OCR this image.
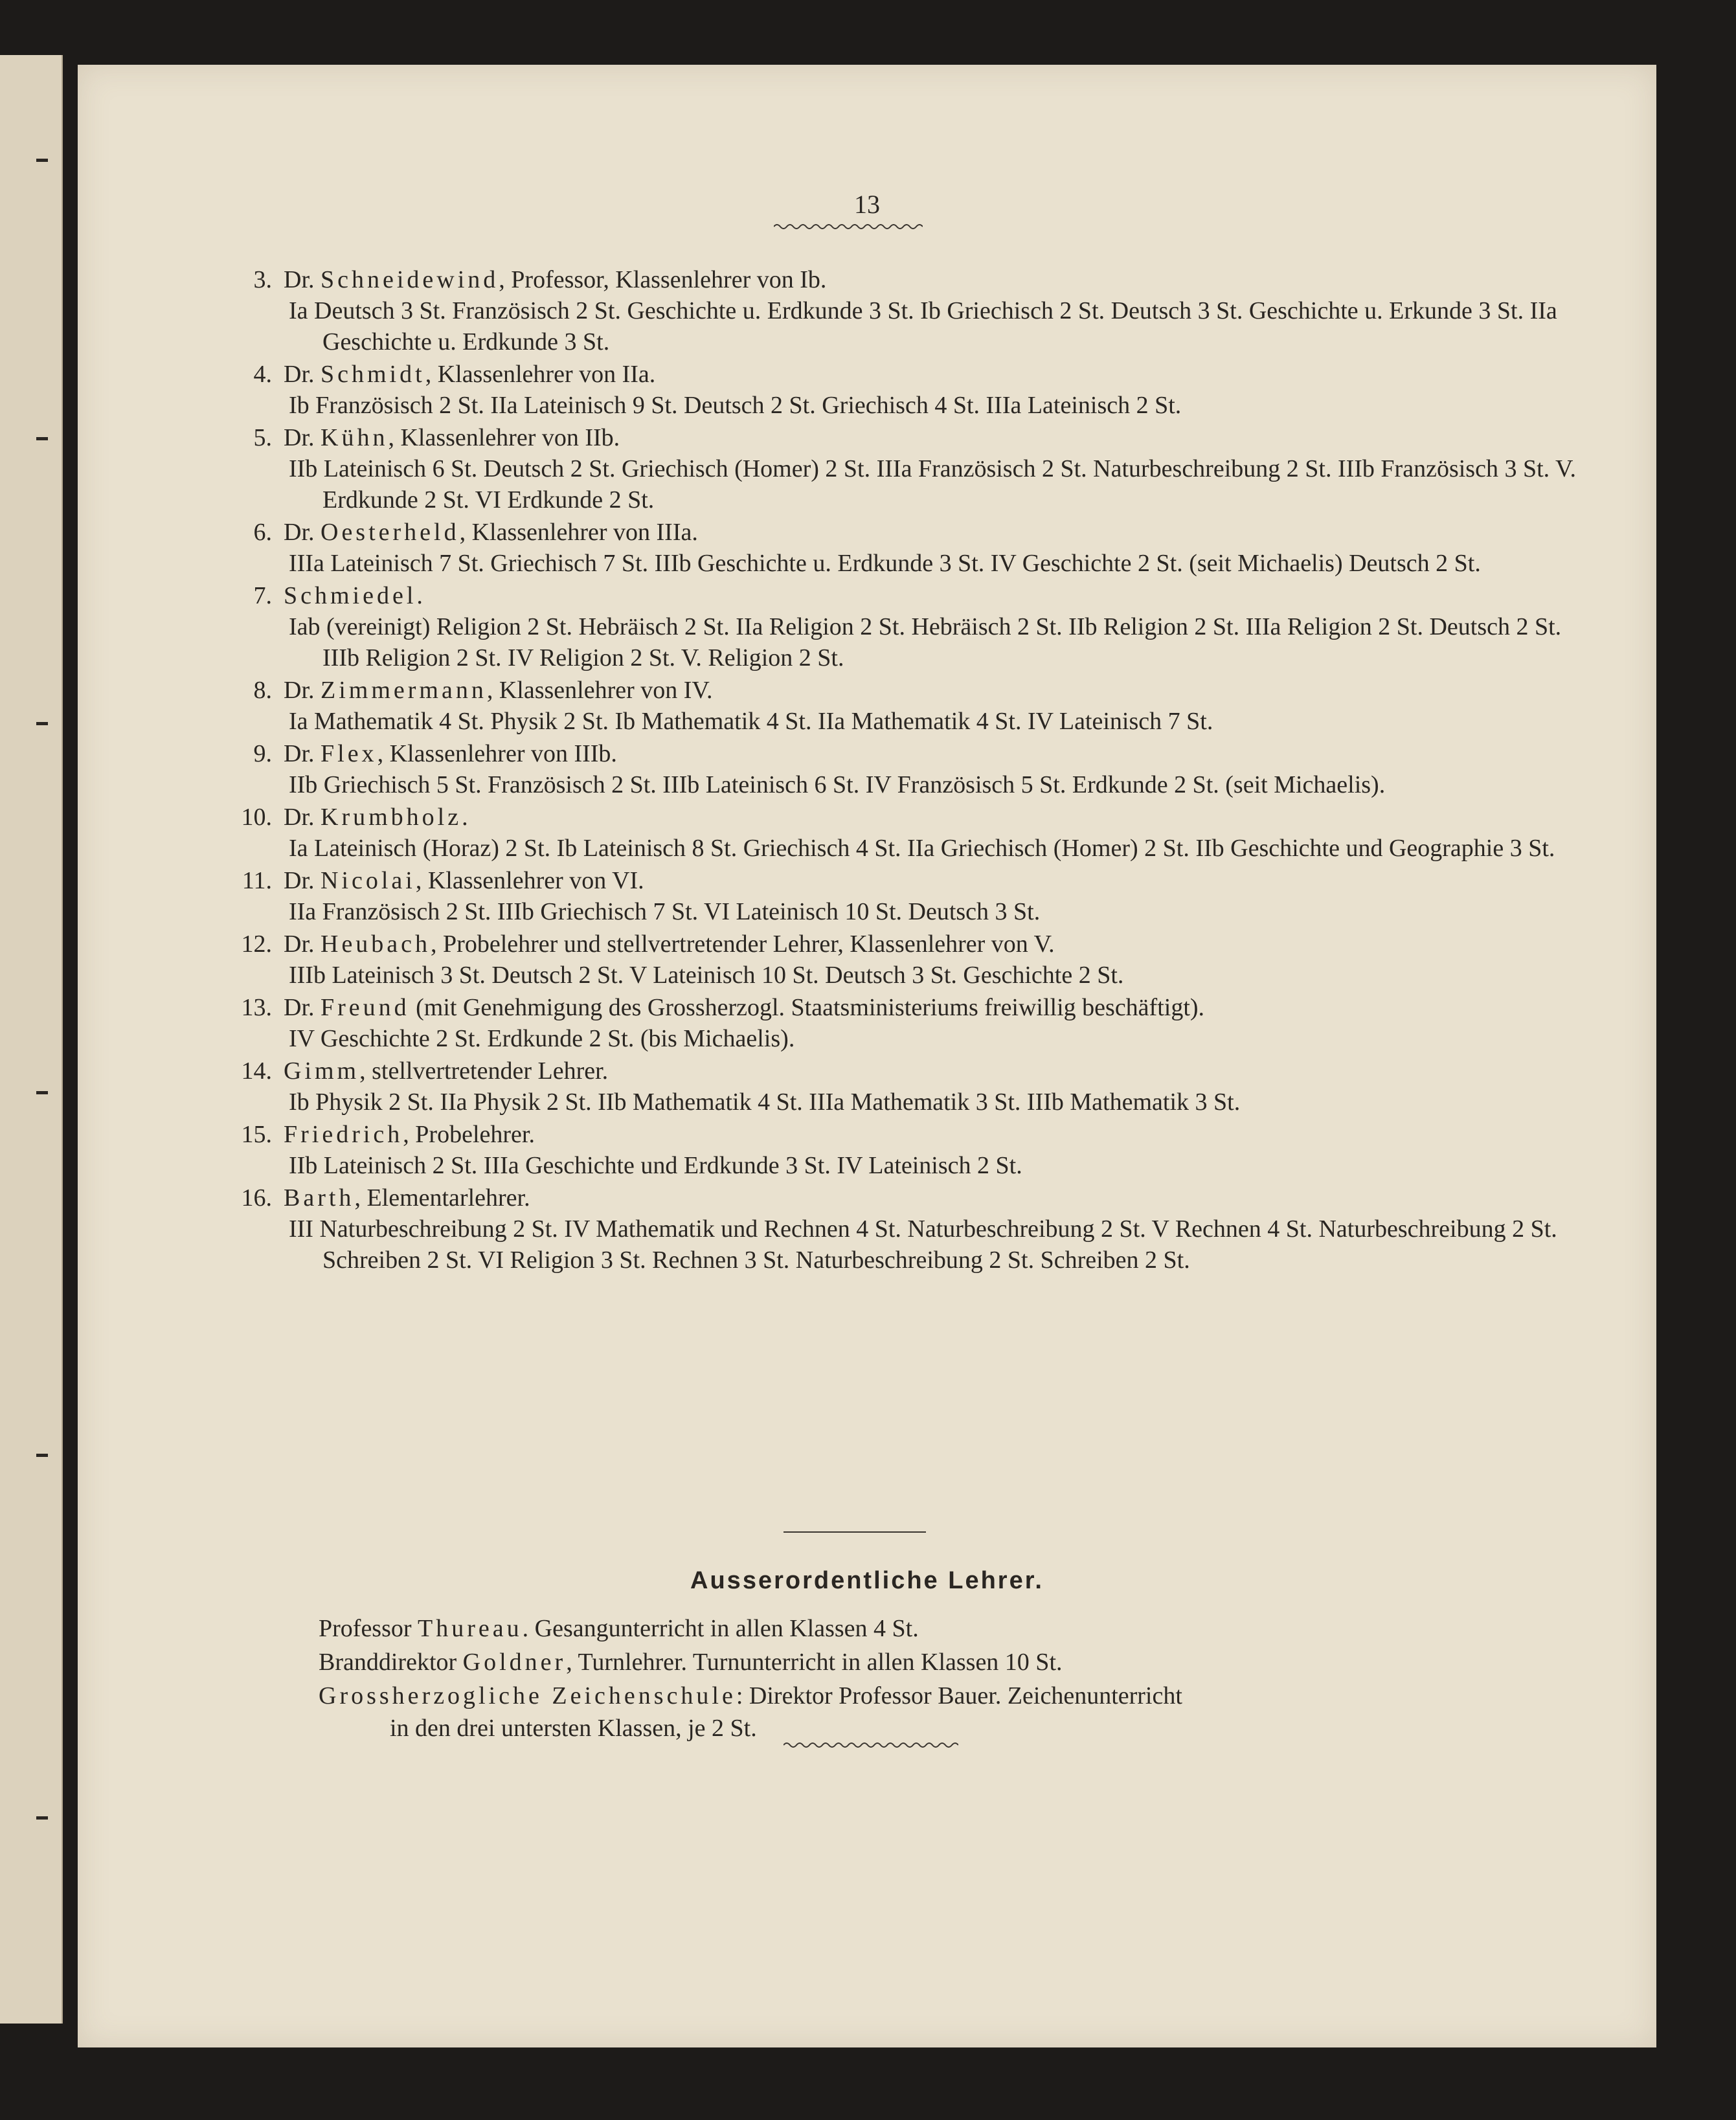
13
3. Dr. Schneidewind, Professor, Klassenlehrer von Ib.
Ia Deutsch 3 St. Französisch 2 St. Geschichte u. Erdkunde 3 St. Ib Griechisch 2 St. Deutsch 3 St. Geschichte u. Erkunde 3 St. IIa Geschichte u. Erdkunde 3 St.
4. Dr. Schmidt, Klassenlehrer von IIa.
Ib Französisch 2 St. IIa Lateinisch 9 St. Deutsch 2 St. Griechisch 4 St. IIIa Lateinisch 2 St.
5. Dr. Kühn, Klassenlehrer von IIb.
IIb Lateinisch 6 St. Deutsch 2 St. Griechisch (Homer) 2 St. IIIa Französisch 2 St. Naturbeschreibung 2 St. IIIb Französisch 3 St. V. Erdkunde 2 St. VI Erdkunde 2 St.
6. Dr. Oesterheld, Klassenlehrer von IIIa.
IIIa Lateinisch 7 St. Griechisch 7 St. IIIb Geschichte u. Erdkunde 3 St. IV Geschichte 2 St. (seit Michaelis) Deutsch 2 St.
7. Schmiedel.
Iab (vereinigt) Religion 2 St. Hebräisch 2 St. IIa Religion 2 St. Hebräisch 2 St. IIb Religion 2 St. IIIa Religion 2 St. Deutsch 2 St. IIIb Religion 2 St. IV Religion 2 St. V. Religion 2 St.
8. Dr. Zimmermann, Klassenlehrer von IV.
Ia Mathematik 4 St. Physik 2 St. Ib Mathematik 4 St. IIa Mathematik 4 St. IV Lateinisch 7 St.
9. Dr. Flex, Klassenlehrer von IIIb.
IIb Griechisch 5 St. Französisch 2 St. IIIb Lateinisch 6 St. IV Französisch 5 St. Erdkunde 2 St. (seit Michaelis).
10. Dr. Krumbholz.
Ia Lateinisch (Horaz) 2 St. Ib Lateinisch 8 St. Griechisch 4 St. IIa Griechisch (Homer) 2 St. IIb Geschichte und Geographie 3 St.
11. Dr. Nicolai, Klassenlehrer von VI.
IIa Französisch 2 St. IIIb Griechisch 7 St. VI Lateinisch 10 St. Deutsch 3 St.
12. Dr. Heubach, Probelehrer und stellvertretender Lehrer, Klassenlehrer von V.
IIIb Lateinisch 3 St. Deutsch 2 St. V Lateinisch 10 St. Deutsch 3 St. Geschichte 2 St.
13. Dr. Freund (mit Genehmigung des Grossherzogl. Staatsministeriums freiwillig beschäftigt).
IV Geschichte 2 St. Erdkunde 2 St. (bis Michaelis).
14. Gimm, stellvertretender Lehrer.
Ib Physik 2 St. IIa Physik 2 St. IIb Mathematik 4 St. IIIa Mathematik 3 St. IIIb Mathematik 3 St.
15. Friedrich, Probelehrer.
IIb Lateinisch 2 St. IIIa Geschichte und Erdkunde 3 St. IV Lateinisch 2 St.
16. Barth, Elementarlehrer.
III Naturbeschreibung 2 St. IV Mathematik und Rechnen 4 St. Naturbeschreibung 2 St. V Rechnen 4 St. Naturbeschreibung 2 St. Schreiben 2 St. VI Religion 3 St. Rechnen 3 St. Naturbeschreibung 2 St. Schreiben 2 St.
Ausserordentliche Lehrer.
Professor Thureau. Gesangunterricht in allen Klassen 4 St.
Branddirektor Goldner, Turnlehrer. Turnunterricht in allen Klassen 10 St.
Grossherzogliche Zeichenschule: Direktor Professor Bauer. Zeichenunterricht
in den drei untersten Klassen, je 2 St.
